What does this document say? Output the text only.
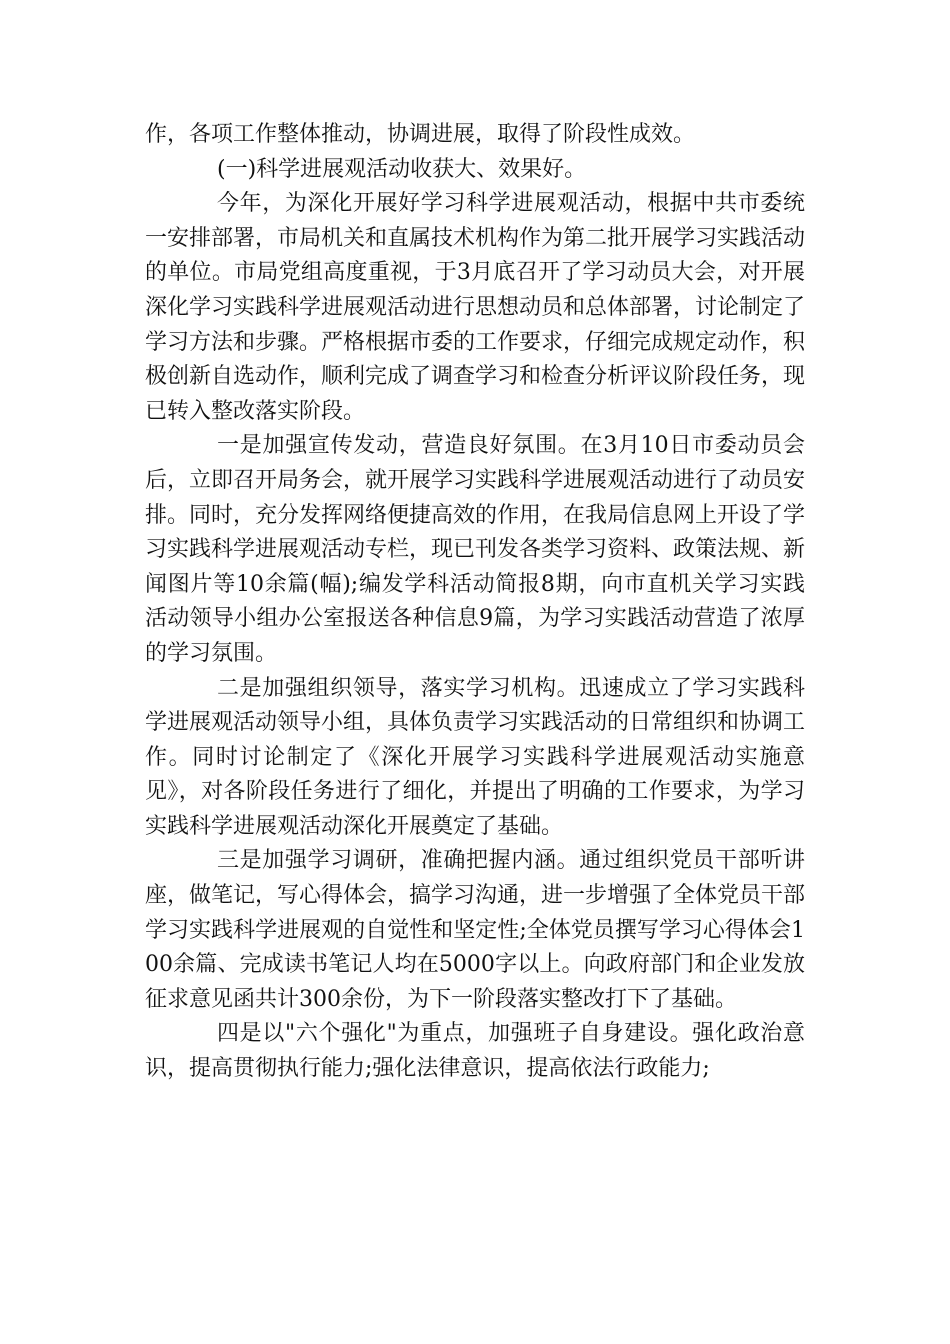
作，各项工作整体推动，协调进展，取得了阶段性成效。

(一)科学进展观活动收获大、效果好。

今年，为深化开展好学习科学进展观活动，根据中共市委统一安排部署，市局机关和直属技术机构作为第二批开展学习实践活动的单位。市局党组高度重视，于3月底召开了学习动员大会，对开展深化学习实践科学进展观活动进行思想动员和总体部署，讨论制定了学习方法和步骤。严格根据市委的工作要求，仔细完成规定动作，积极创新自选动作，顺利完成了调查学习和检查分析评议阶段任务，现已转入整改落实阶段。

一是加强宣传发动，营造良好氛围。在3月10日市委动员会后，立即召开局务会，就开展学习实践科学进展观活动进行了动员安排。同时，充分发挥网络便捷高效的作用，在我局信息网上开设了学习实践科学进展观活动专栏，现已刊发各类学习资料、政策法规、新闻图片等10余篇(幅);编发学科活动简报8期，向市直机关学习实践活动领导小组办公室报送各种信息9篇，为学习实践活动营造了浓厚的学习氛围。

二是加强组织领导，落实学习机构。迅速成立了学习实践科学进展观活动领导小组，具体负责学习实践活动的日常组织和协调工作。同时讨论制定了《深化开展学习实践科学进展观活动实施意见》，对各阶段任务进行了细化，并提出了明确的工作要求，为学习实践科学进展观活动深化开展奠定了基础。

三是加强学习调研，准确把握内涵。通过组织党员干部听讲座，做笔记，写心得体会，搞学习沟通，进一步增强了全体党员干部学习实践科学进展观的自觉性和坚定性;全体党员撰写学习心得体会100余篇、完成读书笔记人均在5000字以上。向政府部门和企业发放征求意见函共计300余份，为下一阶段落实整改打下了基础。

四是以"六个强化"为重点，加强班子自身建设。强化政治意识，提高贯彻执行能力;强化法律意识，提高依法行政能力;
